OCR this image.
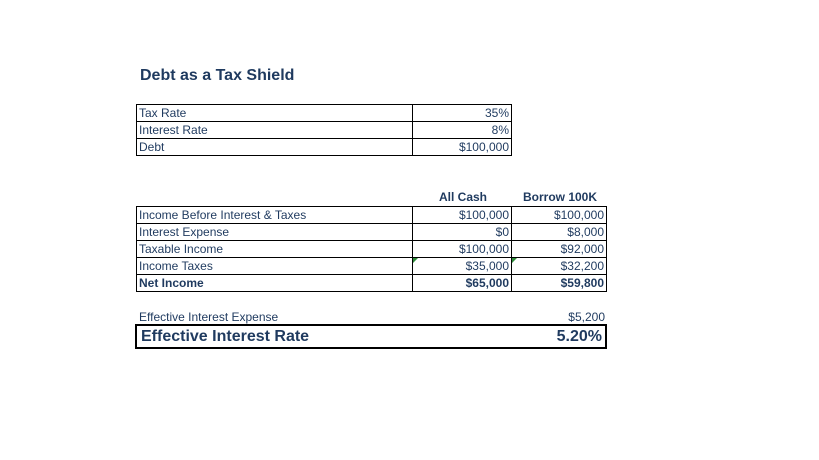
Debt as a Tax Shield
Tax Rate	35%
Interest Rate	8%
Debt	$100,000
All Cash	Borrow 100K
Income Before Interest & Taxes	$100,000	$100,000
Interest Expense	$0	$8,000
Taxable Income	$100,000	$92,000
Income Taxes	$35,000	$32,200
Net Income	$65,000	$59,800
Effective Interest Expense	$5,200
Effective Interest Rate	5.20%
